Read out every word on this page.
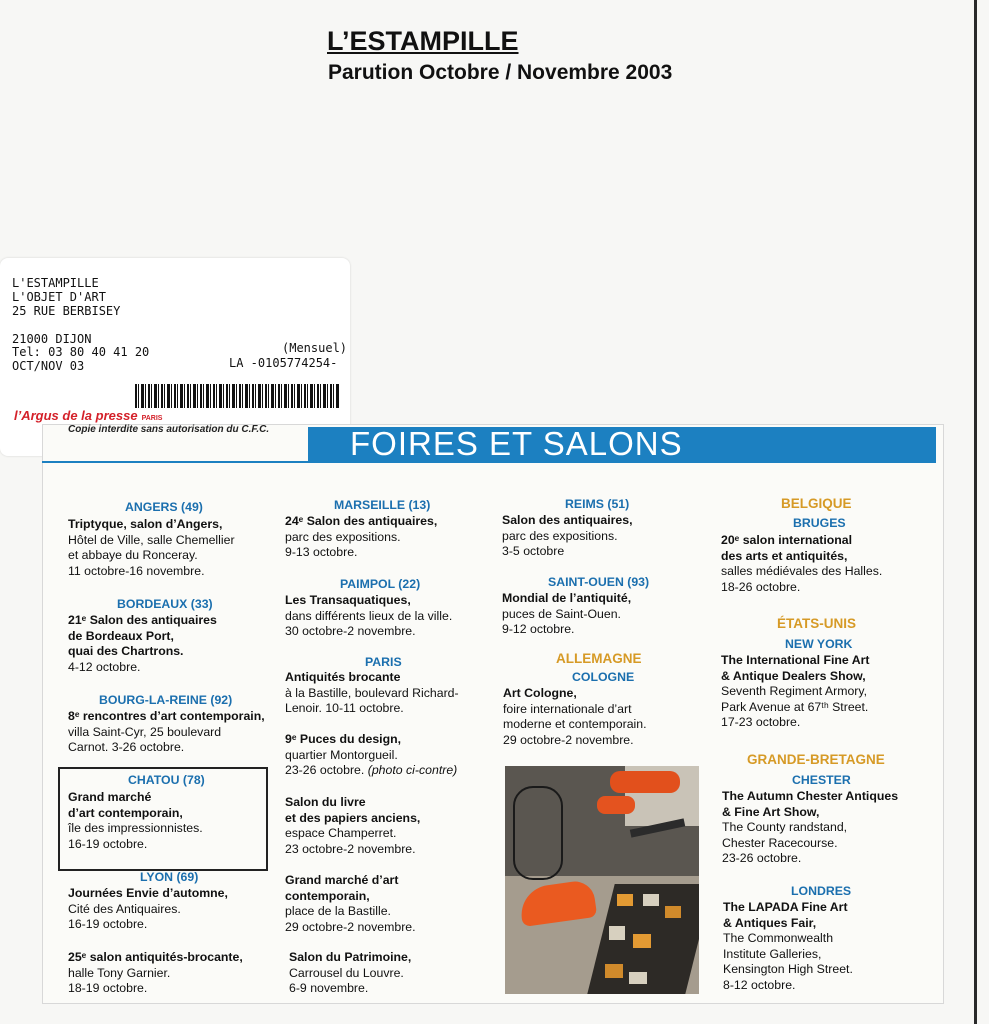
L’ESTAMPILLE
Parution Octobre / Novembre 2003

L'ESTAMPILLE

L'OBJET D'ART

25 RUE BERBISEY

21000 DIJON

Tel: 03 80 40 41 20

OCT/NOV 03

(Mensuel)

LA -0105774254-

l’Argus de la presse PARIS

FOIRES ET SALONS

Copie interdite sans autorisation du C.F.C.

ANGERS (49)

Triptyque, salon d’Angers,
Hôtel de Ville, salle Chemellier
et abbaye du Ronceray.
11 octobre-16 novembre.

BORDEAUX (33)

21ᵉ Salon des antiquaires
de Bordeaux Port,
quai des Chartrons.
4-12 octobre.

BOURG-LA-REINE (92)

8ᵉ rencontres d’art contemporain,
villa Saint-Cyr, 25 boulevard
Carnot. 3-26 octobre.

CHATOU (78)

Grand marché
d’art contemporain,
île des impressionnistes.
16-19 octobre.

LYON (69)

Journées Envie d’automne,
Cité des Antiquaires.
16-19 octobre.

25ᵉ salon antiquités-brocante,
halle Tony Garnier.
18-19 octobre.

MARSEILLE (13)

24ᵉ Salon des antiquaires,
parc des expositions.
9-13 octobre.

PAIMPOL (22)

Les Transaquatiques,
dans différents lieux de la ville.
30 octobre-2 novembre.

PARIS

Antiquités brocante
à la Bastille, boulevard Richard-
Lenoir. 10-11 octobre.

9ᵉ Puces du design,
quartier Montorgueil.
23-26 octobre. (photo ci-contre)

Salon du livre
et des papiers anciens,
espace Champerret.
23 octobre-2 novembre.

Grand marché d’art
contemporain,
place de la Bastille.
29 octobre-2 novembre.

Salon du Patrimoine,
Carrousel du Louvre.
6-9 novembre.

REIMS (51)

Salon des antiquaires,
parc des expositions.
3-5 octobre

SAINT-OUEN (93)

Mondial de l’antiquité,
puces de Saint-Ouen.
9-12 octobre.

ALLEMAGNE

COLOGNE

Art Cologne,
foire internationale d’art
moderne et contemporain.
29 octobre-2 novembre.

BELGIQUE

BRUGES

20ᵉ salon international
des arts et antiquités,
salles médiévales des Halles.
18-26 octobre.

ÉTATS-UNIS

NEW YORK

The International Fine Art
& Antique Dealers Show,
Seventh Regiment Armory,
Park Avenue at 67ᵗʰ Street.
17-23 octobre.

GRANDE-BRETAGNE

CHESTER

The Autumn Chester Antiques
& Fine Art Show,
The County randstand,
Chester Racecourse.
23-26 octobre.

LONDRES

The LAPADA Fine Art
& Antiques Fair,
The Commonwealth
Institute Galleries,
Kensington High Street.
8-12 octobre.
